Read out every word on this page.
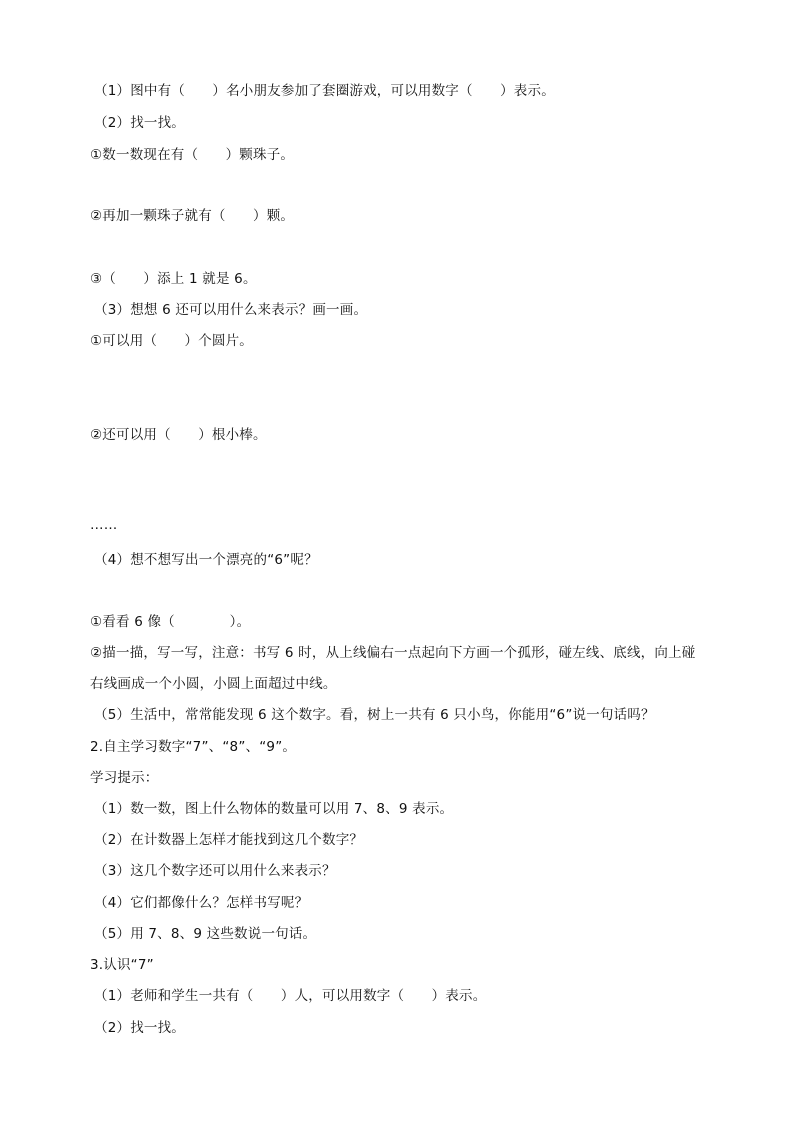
（1）图中有（　　）名小朋友参加了套圈游戏，可以用数字（　　）表示。
（2）找一找。
①数一数现在有（　　）颗珠子。
②再加一颗珠子就有（　　）颗。
③（　　）添上 1 就是 6。
（3）想想 6 还可以用什么来表示？画一画。
①可以用（　　）个圆片。
②还可以用（　　）根小棒。
……
（4）想不想写出一个漂亮的“6”呢？
①看看 6 像（　　　　）。
②描一描，写一写，注意：书写 6 时，从上线偏右一点起向下方画一个孤形，碰左线、底线，向上碰
右线画成一个小圆，小圆上面超过中线。
（5）生活中，常常能发现 6 这个数字。看，树上一共有 6 只小鸟，你能用“6”说一句话吗？
2.自主学习数字“7”、“8”、“9”。
学习提示：
（1）数一数，图上什么物体的数量可以用 7、8、9 表示。
（2）在计数器上怎样才能找到这几个数字？
（3）这几个数字还可以用什么来表示？
（4）它们都像什么？怎样书写呢？
（5）用 7、8、9 这些数说一句话。
3.认识“7”
（1）老师和学生一共有（　　）人，可以用数字（　　）表示。
（2）找一找。
